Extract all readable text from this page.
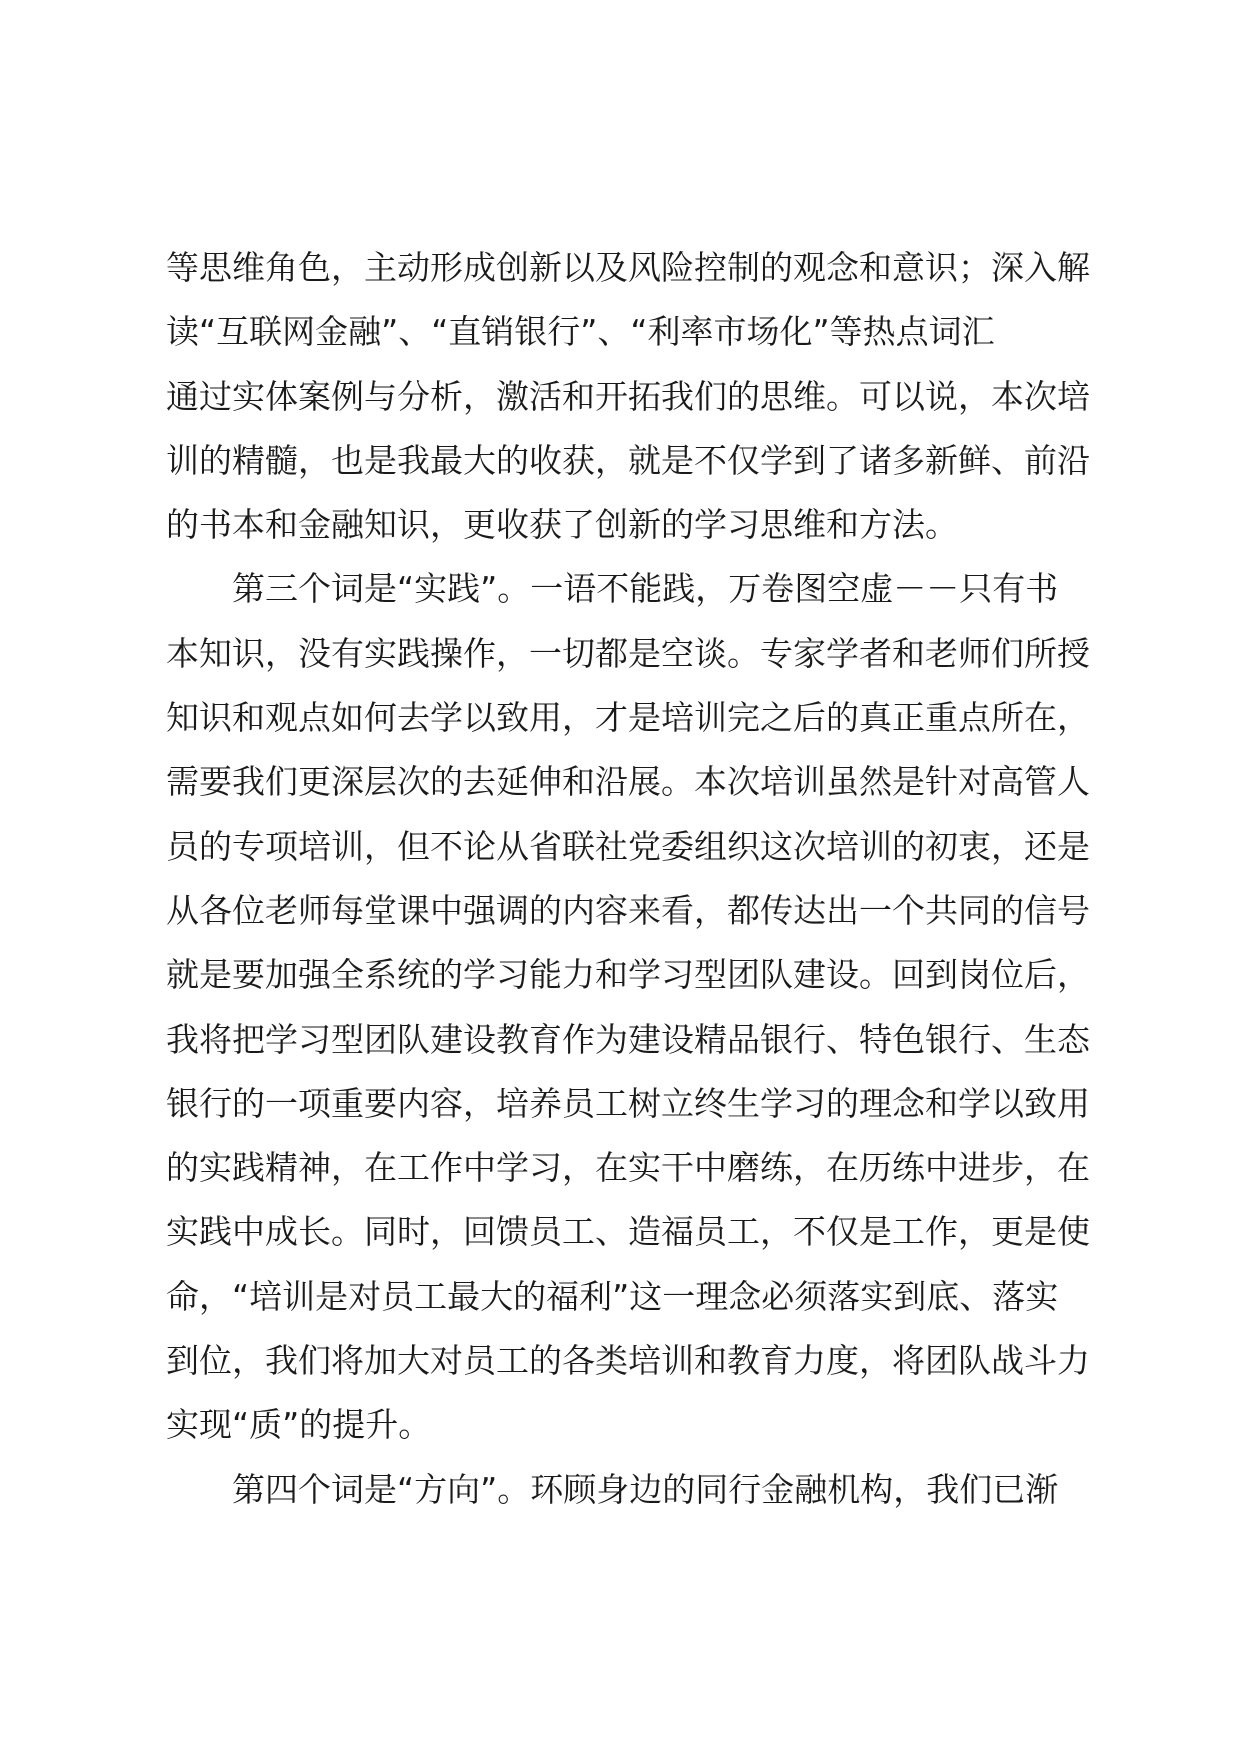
等思维角色，主动形成创新以及风险控制的观念和意识；深入解
读“互联网金融”、“直销银行”、“利率市场化”等热点词汇
通过实体案例与分析，激活和开拓我们的思维。可以说，本次培
训的精髓，也是我最大的收获，就是不仅学到了诸多新鲜、前沿
的书本和金融知识，更收获了创新的学习思维和方法。
第三个词是“实践”。一语不能践，万卷图空虚－－只有书
本知识，没有实践操作，一切都是空谈。专家学者和老师们所授
知识和观点如何去学以致用，才是培训完之后的真正重点所在，
需要我们更深层次的去延伸和沿展。本次培训虽然是针对高管人
员的专项培训，但不论从省联社党委组织这次培训的初衷，还是
从各位老师每堂课中强调的内容来看，都传达出一个共同的信号
就是要加强全系统的学习能力和学习型团队建设。回到岗位后，
我将把学习型团队建设教育作为建设精品银行、特色银行、生态
银行的一项重要内容，培养员工树立终生学习的理念和学以致用
的实践精神，在工作中学习，在实干中磨练，在历练中进步，在
实践中成长。同时，回馈员工、造福员工，不仅是工作，更是使
命，“培训是对员工最大的福利”这一理念必须落实到底、落实
到位，我们将加大对员工的各类培训和教育力度，将团队战斗力
实现“质”的提升。
第四个词是“方向”。环顾身边的同行金融机构，我们已渐
